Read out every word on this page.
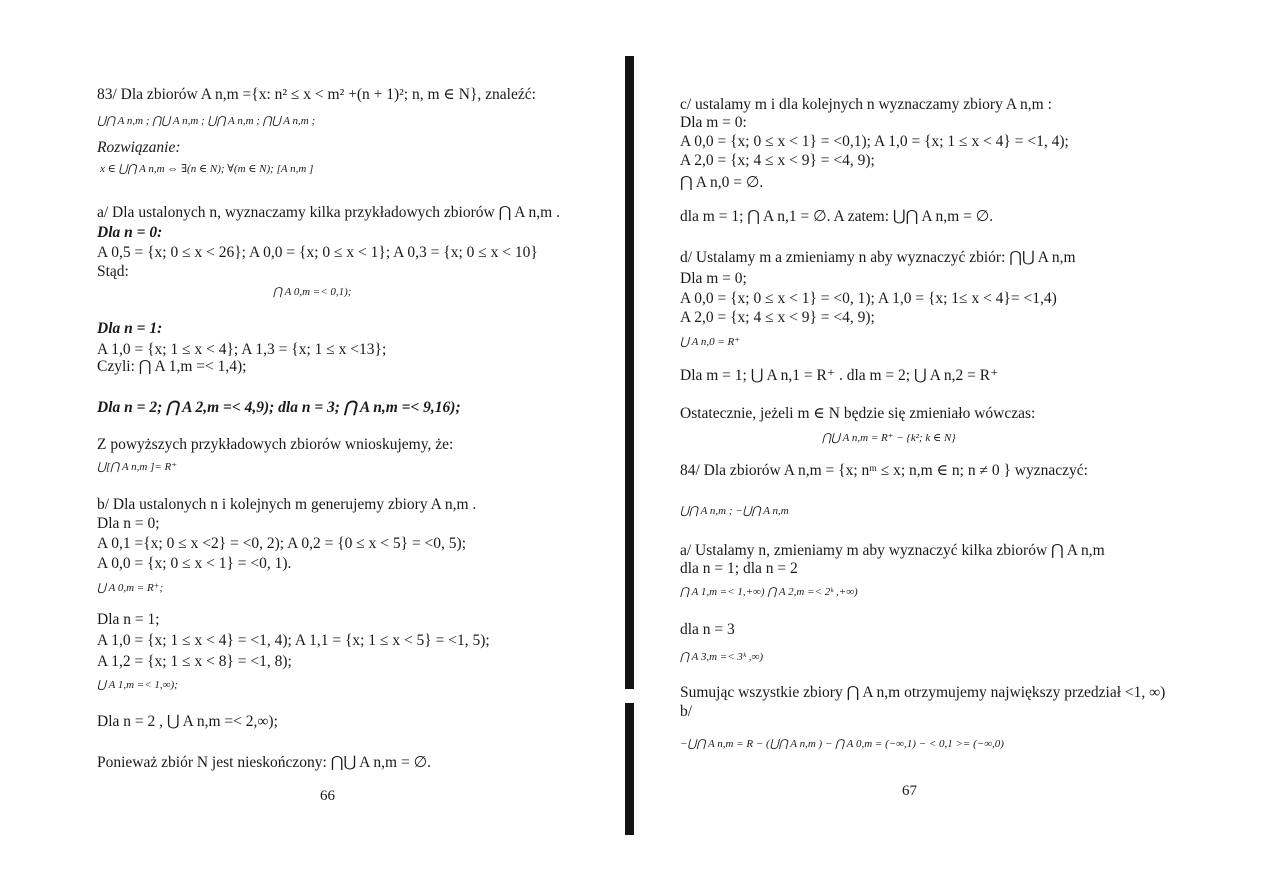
83/ Dla zbiorów A n,m ={x: n² ≤ x < m² +(n + 1)²; n, m ∈ N}, znaleźć:
⋃⋂ A n,m ; ⋂⋃ A n,m ; ⋃⋂ A n,m ; ⋂⋃ A n,m ;
Rozwiązanie:
x ∈ ⋃⋂ A n,m ⇔ ∃(n ∈ N); ∀(m ∈ N); [A n,m ]
a/ Dla ustalonych n, wyznaczamy kilka przykładowych zbiorów ⋂ A n,m .
Dla n = 0:
A 0,5 = {x; 0 ≤ x < 26}; A 0,0 = {x; 0 ≤ x < 1}; A 0,3 = {x; 0 ≤ x < 10}
Stąd:
⋂ A 0,m =< 0,1);
Dla n = 1:
A 1,0 = {x; 1 ≤ x < 4}; A 1,3 = {x; 1 ≤ x <13};
Czyli: ⋂ A 1,m =< 1,4);
Dla n = 2; ⋂ A 2,m =< 4,9); dla n = 3; ⋂ A n,m =< 9,16);
Z powyższych przykładowych zbiorów wnioskujemy, że:
⋃[⋂ A n,m ]= R⁺
b/ Dla ustalonych n i kolejnych m generujemy zbiory A n,m .
Dla n = 0;
A 0,1 ={x; 0 ≤ x <2} = <0, 2); A 0,2 = {0 ≤ x < 5} = <0, 5);
A 0,0 = {x; 0 ≤ x < 1} = <0, 1).
⋃ A 0,m = R⁺;
Dla n = 1;
A 1,0 = {x; 1 ≤ x < 4} = <1, 4); A 1,1 = {x; 1 ≤ x < 5} = <1, 5);
A 1,2 = {x; 1 ≤ x < 8} = <1, 8);
⋃ A 1,m =< 1,∞);
Dla n = 2 , ⋃ A n,m =< 2,∞);
Ponieważ zbiór N jest nieskończony: ⋂⋃ A n,m = ∅.
66
c/ ustalamy m i dla kolejnych n wyznaczamy zbiory A n,m :
Dla m = 0:
A 0,0 = {x; 0 ≤ x < 1} = <0,1); A 1,0 = {x; 1 ≤ x < 4} = <1, 4);
A 2,0 = {x; 4 ≤ x < 9} = <4, 9);
⋂ A n,0 = ∅.
dla m = 1; ⋂ A n,1 = ∅. A zatem: ⋃⋂ A n,m = ∅.
d/ Ustalamy m a zmieniamy n aby wyznaczyć zbiór: ⋂⋃ A n,m
Dla m = 0;
A 0,0 = {x; 0 ≤ x < 1} = <0, 1); A 1,0 = {x; 1≤ x < 4}= <1,4)
A 2,0 = {x; 4 ≤ x < 9} = <4, 9);
⋃ A n,0 = R⁺
Dla m = 1; ⋃ A n,1 = R⁺ . dla m = 2; ⋃ A n,2 = R⁺
Ostatecznie, jeżeli m ∈ N będzie się zmieniało wówczas:
⋂⋃ A n,m = R⁺ − {k²; k ∈ N}
84/ Dla zbiorów A n,m = {x; nᵐ ≤ x; n,m ∈ n; n ≠ 0 } wyznaczyć:
⋃⋂ A n,m ; −⋃⋂ A n,m
a/ Ustalamy n, zmieniamy m aby wyznaczyć kilka zbiorów ⋂ A n,m
dla n = 1; dla n = 2
⋂ A 1,m =< 1,+∞) ⋂ A 2,m =< 2ᵏ ,+∞)
dla n = 3
⋂ A 3,m =< 3ᵏ ,∞)
Sumując wszystkie zbiory ⋂ A n,m otrzymujemy największy przedział <1, ∞)
b/
−⋃⋂ A n,m = R − (⋃⋂ A n,m ) − ⋂ A 0,m = (−∞,1) − < 0,1 >= (−∞,0)
67
